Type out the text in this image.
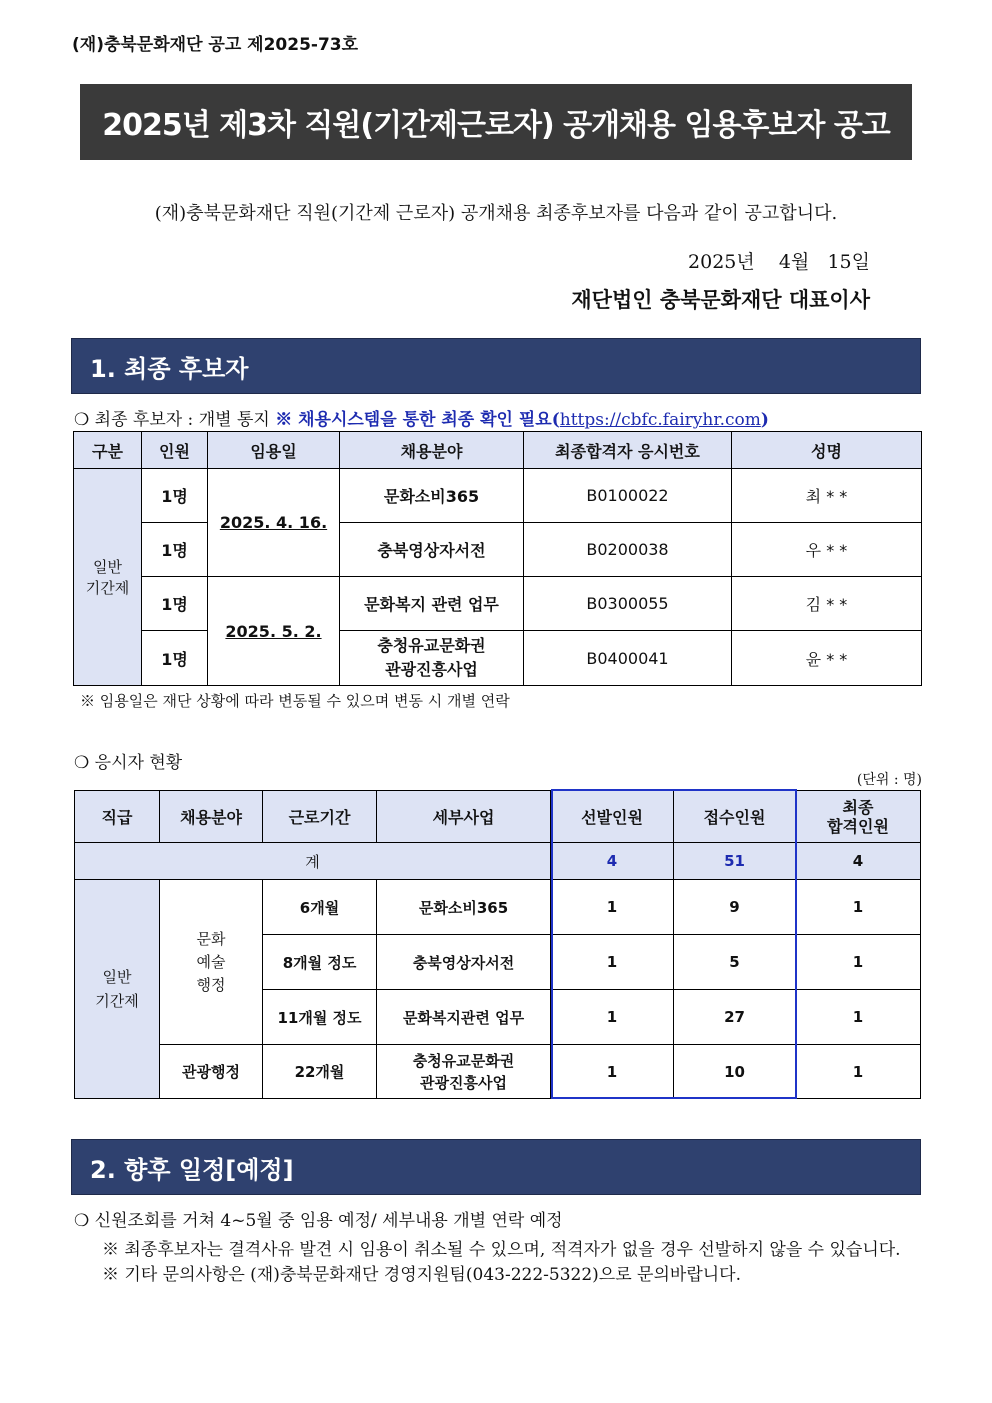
(재)충북문화재단 공고 제2025-73호
2025년 제3차 직원(기간제근로자) 공개채용 임용후보자 공고
(재)충북문화재단 직원(기간제 근로자) 공개채용 최종후보자를 다음과 같이 공고합니다.
2025년    4월   15일
재단법인 충북문화재단 대표이사
1. 최종 후보자
❍ 최종 후보자 : 개별 통지 ※ 채용시스템을 통한 최종 확인 필요(https://cbfc.fairyhr.com)
구분	인원	임용일	채용분야	최종합격자 응시번호	성명
일반
기간제	1명	2025. 4. 16.	문화소비365	B0100022	최 * *
	1명		충북영상자서전	B0200038	우 * *
	1명	2025. 5. 2.	문화복지 관련 업무	B0300055	김 * *
	1명		충청유교문화권
관광진흥사업	B0400041	윤 * *
※ 임용일은 재단 상황에 따라 변동될 수 있으며 변동 시 개별 연락
❍ 응시자 현황
(단위 : 명)
직급	채용분야	근로기간	세부사업	선발인원	접수인원	최종
합격인원
계				4	51	4
일반
기간제	문화
예술
행정	6개월	문화소비365	1	9	1
		8개월 정도	충북영상자서전	1	5	1
		11개월 정도	문화복지관련 업무	1	27	1
	관광행정	22개월	충청유교문화권
관광진흥사업	1	10	1
2. 향후 일정[예정]
❍ 신원조회를 거쳐 4~5월 중 임용 예정/ 세부내용 개별 연락 예정

※ 최종후보자는 결격사유 발견 시 임용이 취소될 수 있으며, 적격자가 없을 경우 선발하지 않을 수 있습니다.

※ 기타 문의사항은 (재)충북문화재단 경영지원팀(043-222-5322)으로 문의바랍니다.
